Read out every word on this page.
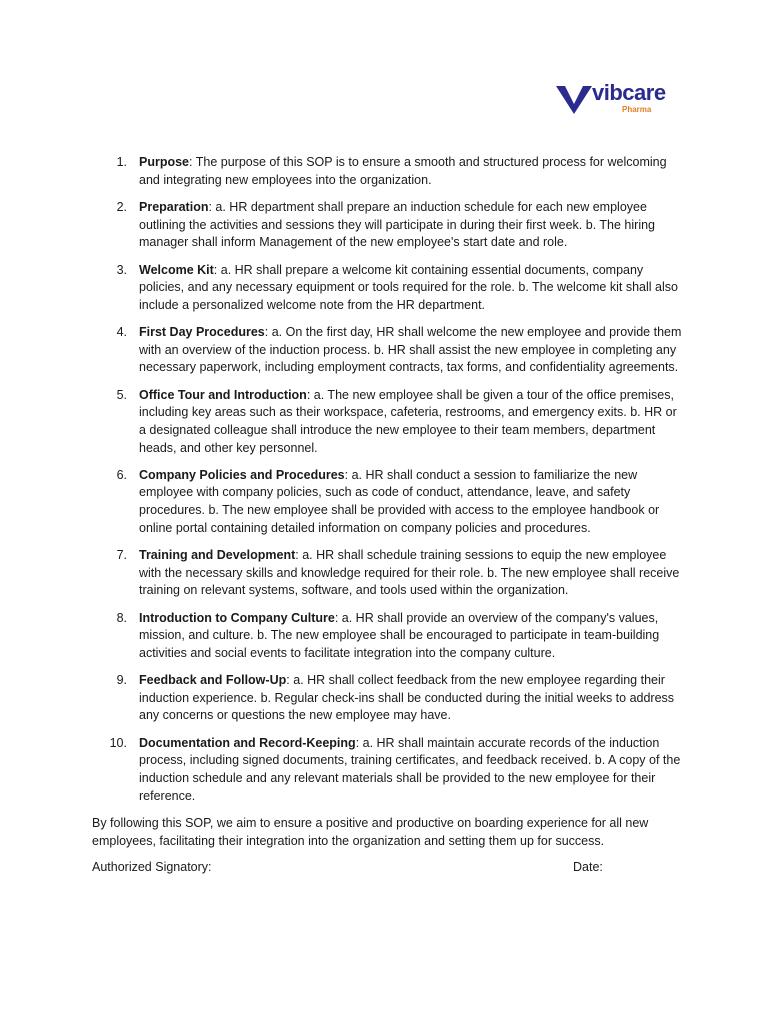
vibcare
Pharma
1. Purpose: The purpose of this SOP is to ensure a smooth and structured process for welcoming and integrating new employees into the organization.
2. Preparation: a. HR department shall prepare an induction schedule for each new employee outlining the activities and sessions they will participate in during their first week. b. The hiring manager shall inform Management of the new employee's start date and role.
3. Welcome Kit: a. HR shall prepare a welcome kit containing essential documents, company policies, and any necessary equipment or tools required for the role. b. The welcome kit shall also include a personalized welcome note from the HR department.
4. First Day Procedures: a. On the first day, HR shall welcome the new employee and provide them with an overview of the induction process. b. HR shall assist the new employee in completing any necessary paperwork, including employment contracts, tax forms, and confidentiality agreements.
5. Office Tour and Introduction: a. The new employee shall be given a tour of the office premises, including key areas such as their workspace, cafeteria, restrooms, and emergency exits. b. HR or a designated colleague shall introduce the new employee to their team members, department heads, and other key personnel.
6. Company Policies and Procedures: a. HR shall conduct a session to familiarize the new employee with company policies, such as code of conduct, attendance, leave, and safety procedures. b. The new employee shall be provided with access to the employee handbook or online portal containing detailed information on company policies and procedures.
7. Training and Development: a. HR shall schedule training sessions to equip the new employee with the necessary skills and knowledge required for their role. b. The new employee shall receive training on relevant systems, software, and tools used within the organization.
8. Introduction to Company Culture: a. HR shall provide an overview of the company's values, mission, and culture. b. The new employee shall be encouraged to participate in team-building activities and social events to facilitate integration into the company culture.
9. Feedback and Follow-Up: a. HR shall collect feedback from the new employee regarding their induction experience. b. Regular check-ins shall be conducted during the initial weeks to address any concerns or questions the new employee may have.
10. Documentation and Record-Keeping: a. HR shall maintain accurate records of the induction process, including signed documents, training certificates, and feedback received. b. A copy of the induction schedule and any relevant materials shall be provided to the new employee for their reference.

By following this SOP, we aim to ensure a positive and productive on boarding experience for all new employees, facilitating their integration into the organization and setting them up for success.

Authorized Signatory:	Date:
